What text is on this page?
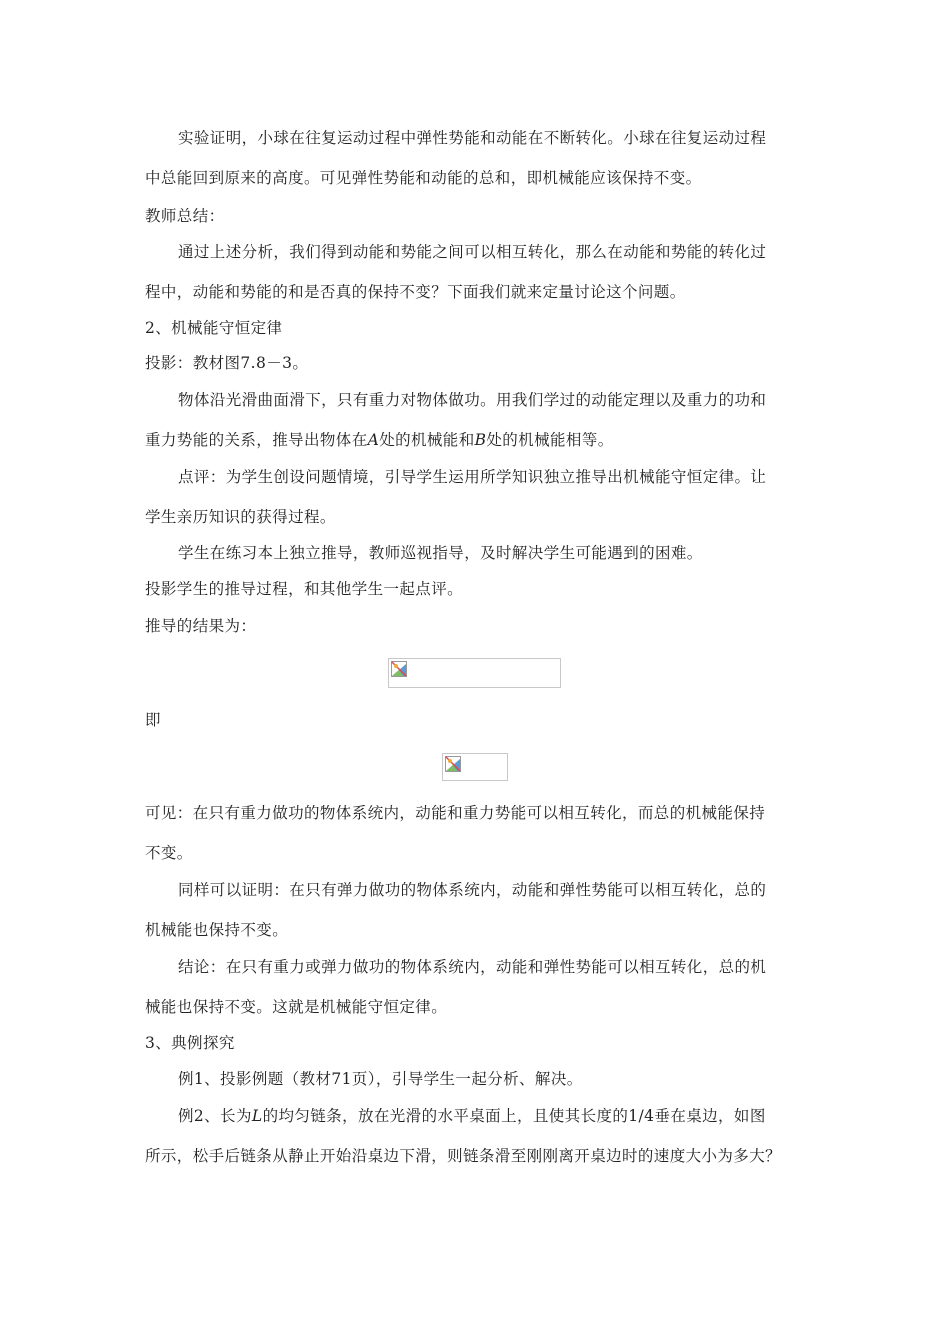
实验证明，小球在往复运动过程中弹性势能和动能在不断转化。小球在往复运动过程
中总能回到原来的高度。可见弹性势能和动能的总和，即机械能应该保持不变。
教师总结：
通过上述分析，我们得到动能和势能之间可以相互转化，那么在动能和势能的转化过
程中，动能和势能的和是否真的保持不变？下面我们就来定量讨论这个问题。
2、机械能守恒定律
投影：教材图7.8－3。
物体沿光滑曲面滑下，只有重力对物体做功。用我们学过的动能定理以及重力的功和
重力势能的关系，推导出物体在A处的机械能和B处的机械能相等。
点评：为学生创设问题情境，引导学生运用所学知识独立推导出机械能守恒定律。让
学生亲历知识的获得过程。
学生在练习本上独立推导，教师巡视指导，及时解决学生可能遇到的困难。
投影学生的推导过程，和其他学生一起点评。
推导的结果为：
即
可见：在只有重力做功的物体系统内，动能和重力势能可以相互转化，而总的机械能保持
不变。
同样可以证明：在只有弹力做功的物体系统内，动能和弹性势能可以相互转化，总的
机械能也保持不变。
结论：在只有重力或弹力做功的物体系统内，动能和弹性势能可以相互转化，总的机
械能也保持不变。这就是机械能守恒定律。
3、典例探究
例1、投影例题（教材71页），引导学生一起分析、解决。
例2、长为L的均匀链条，放在光滑的水平桌面上，且使其长度的1/4垂在桌边，如图
所示，松手后链条从静止开始沿桌边下滑，则链条滑至刚刚离开桌边时的速度大小为多大？
